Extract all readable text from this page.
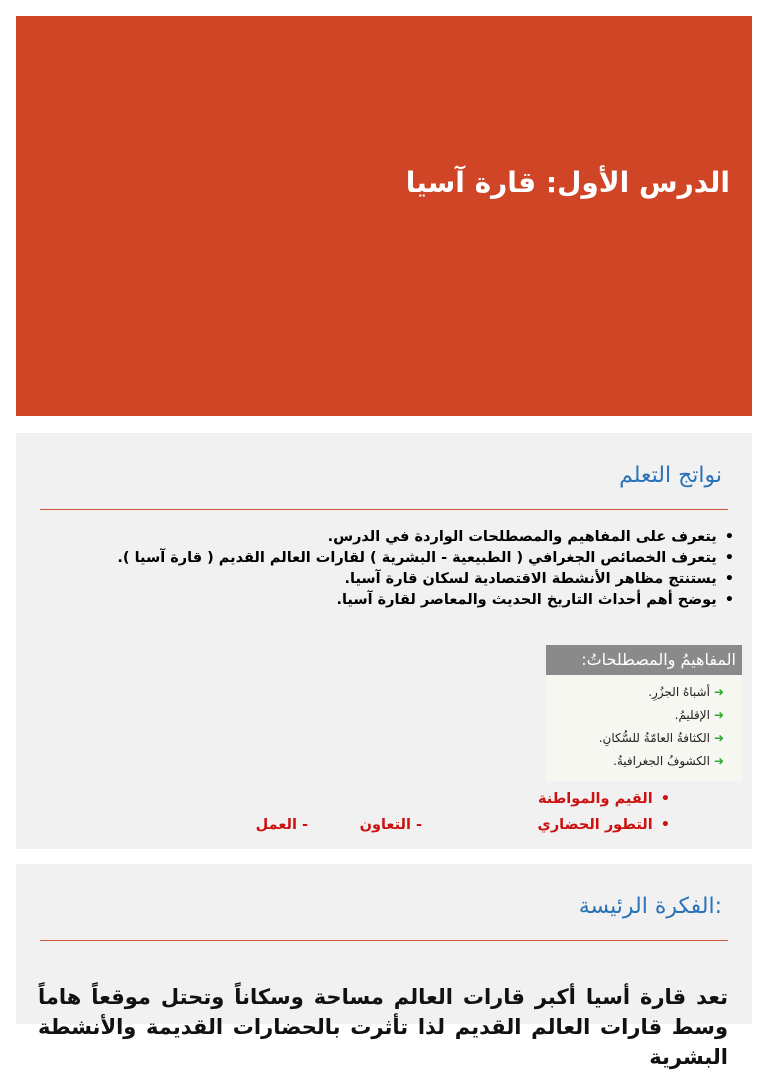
الدرس الأول: قارة آسيا
نواتج التعلم
• يتعرف على المفاهيم والمصطلحات الواردة في الدرس.
• يتعرف الخصائص الجغرافي ( الطبيعية - البشرية ) لقارات العالم القديم ( قارة آسيا ).
• يستنتج مظاهر الأنشطة الاقتصادية لسكان قارة آسيا.
• يوضح أهم أحداث التاريخ الحديث والمعاصر لقارة آسيا.
المفاهيمُ والمصطلحاتُ:
➜أشباهُ الجزُرِ.
➜الإقليمُ.
➜الكثافةُ العامّةُ للسُّكانِ.
➜الكشوفُ الجغرافيةُ.
• القيم والمواطنة
• التطور الحضاري
- التعاون
- العمل
:الفكرة الرئيسة
تعد قارة أسيا أكبر قارات العالم مساحة وسكاناً وتحتل موقعاً هاماً وسط قارات العالم القديم لذا تأثرت بالحضارات القديمة والأنشطة البشرية
